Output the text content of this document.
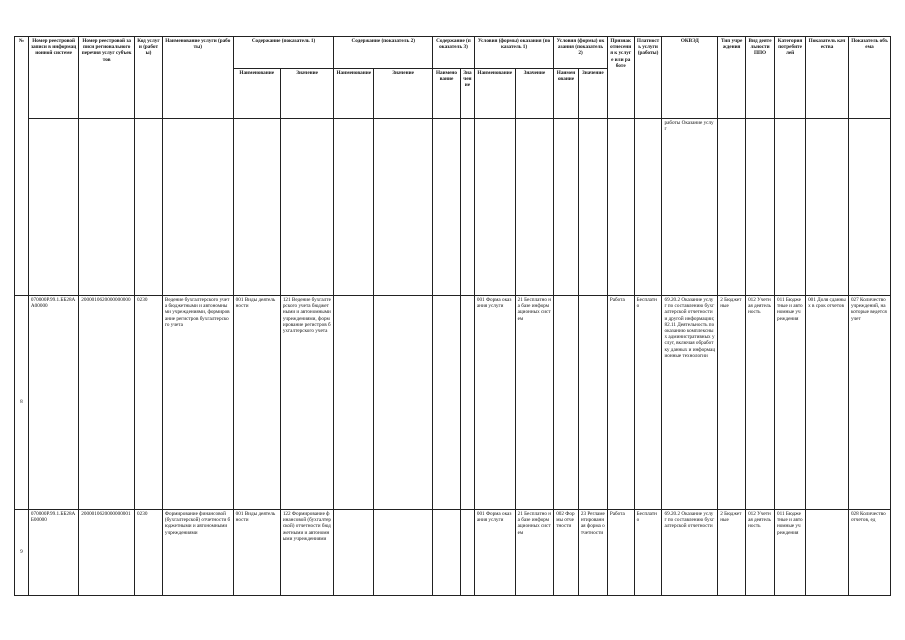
№	Номер реестровой записи в информационной системе	Номер реестровой записи регионального перечня услуг субъектов	Код услуги (работы)	Наименование услуги (работы)	Содержание (показатель 1)		Содержание (показатель 2)		Содержание (показатель 3)		Условия (формы) оказания (показатель 1)		Условия (формы) оказания (показатель 2)		Признак отнесения к услуге или работе	Платность услуги (работы)	ОКВЭД	Тип учреждения	Вид деятельности ППО	Категория потребителей	Показатель качества	Показатель объема
					Наименование	Значение	Наименование	Значение	Наименование	Значение	Наименование	Значение	Наименование	Значение								
																	работы Оказание услуг					
8	070000Р.99.1.ББ28АА00000	2000010620000000000	0230	Ведение бухгалтерского учета бюджетными и автономными учреждениями, формирование регистров бухгалтерского учета	001 Виды деятельности	121 Ведение бухгалтерского учета бюджетными и автономными учреждениями, формирование регистров бухгалтерского учета					001 Форма оказания услуги	21 Бесплатно на базе информационных систем			Работа	Бесплатно	69.20.2 Оказание услуг по составлению бухгалтерской отчетности и другой информации; 82.11 Деятельность по оказанию комплексных административных услуг, включая обработку данных и информационные технологии	2 Бюджетные	012 Учетная деятельность	011 Бюджетные и автономные учреждения	001 Доля сданных в срок отчетов	027 Количество учреждений, на которые ведется учет
9	070000Р.99.1.ББ28АБ00000	2000010620000000001	0230	Формирование финансовой (бухгалтерской) отчетности бюджетными и автономными учреждениями	001 Виды деятельности	122 Формирование финансовой (бухгалтерской) отчетности бюджетными и автономными учреждениями					001 Форма оказания услуги	21 Бесплатно на базе информационных систем	002 Формы отчетности	23 Регламентированная форма отчетности	Работа	Бесплатно	69.20.2 Оказание услуг по составлению бухгалтерской отчетности	2 Бюджетные	012 Учетная деятельность	011 Бюджетные и автономные учреждения		028 Количество отчетов, ед
